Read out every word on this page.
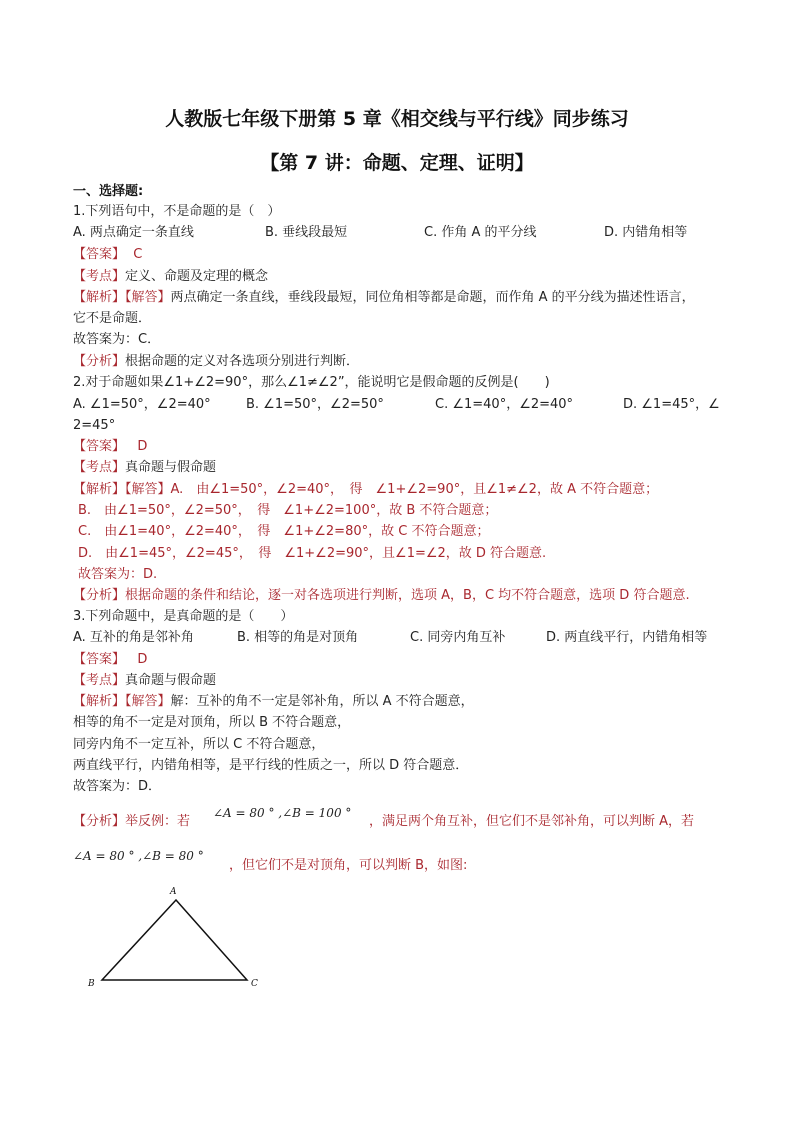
人教版七年级下册第 5 章《相交线与平行线》同步练习
【第 7 讲：命题、定理、证明】
一、选择题:
1.下列语句中，不是命题的是（　）
A. 两点确定一条直线	B. 垂线段最短	C. 作角 A 的平分线	D. 内错角相等
【答案】 C
【考点】定义、命题及定理的概念
【解析】【解答】两点确定一条直线，垂线段最短，同位角相等都是命题，而作角 A 的平分线为描述性语言，
它不是命题．
故答案为：C．
【分析】根据命题的定义对各选项分别进行判断．
2.对于命题如果∠1+∠2=90°，那么∠1≠∠2”，能说明它是假命题的反例是(　　)
A. ∠1=50°，∠2=40°	B. ∠1=50°，∠2=50°	C. ∠1=40°，∠2=40°	D. ∠1=45°，∠
2=45°
【答案】 D
【考点】真命题与假命题
【解析】【解答】A.　由∠1=50°，∠2=40°，　得　∠1+∠2=90°，且∠1≠∠2，故 A 不符合题意；
B.　由∠1=50°，∠2=50°，　得　∠1+∠2=100°，故 B 不符合题意；
C.　由∠1=40°，∠2=40°，　得　∠1+∠2=80°，故 C 不符合题意；
D.　由∠1=45°，∠2=45°，　得　∠1+∠2=90°，且∠1=∠2，故 D 符合题意.
故答案为：D.
【分析】根据命题的条件和结论，逐一对各选项进行判断，选项 A，B，C 均不符合题意，选项 D 符合题意.
3.下列命题中，是真命题的是（　　）
A. 互补的角是邻补角	B. 相等的角是对顶角	C. 同旁内角互补	D. 两直线平行，内错角相等
【答案】 D
【考点】真命题与假命题
【解析】【解答】解：互补的角不一定是邻补角，所以 A 不符合题意，
相等的角不一定是对顶角，所以 B 不符合题意，
同旁内角不一定互补，所以 C 不符合题意，
两直线平行，内错角相等，是平行线的性质之一，所以 D 符合题意．
故答案为：D．
【分析】举反例：若
∠A = 80 ° ,∠B = 100 °
，满足两个角互补，但它们不是邻补角，可以判断 A，若
∠A = 80 ° ,∠B = 80 °
，但它们不是对顶角，可以判断 B，如图:
A
B	C
